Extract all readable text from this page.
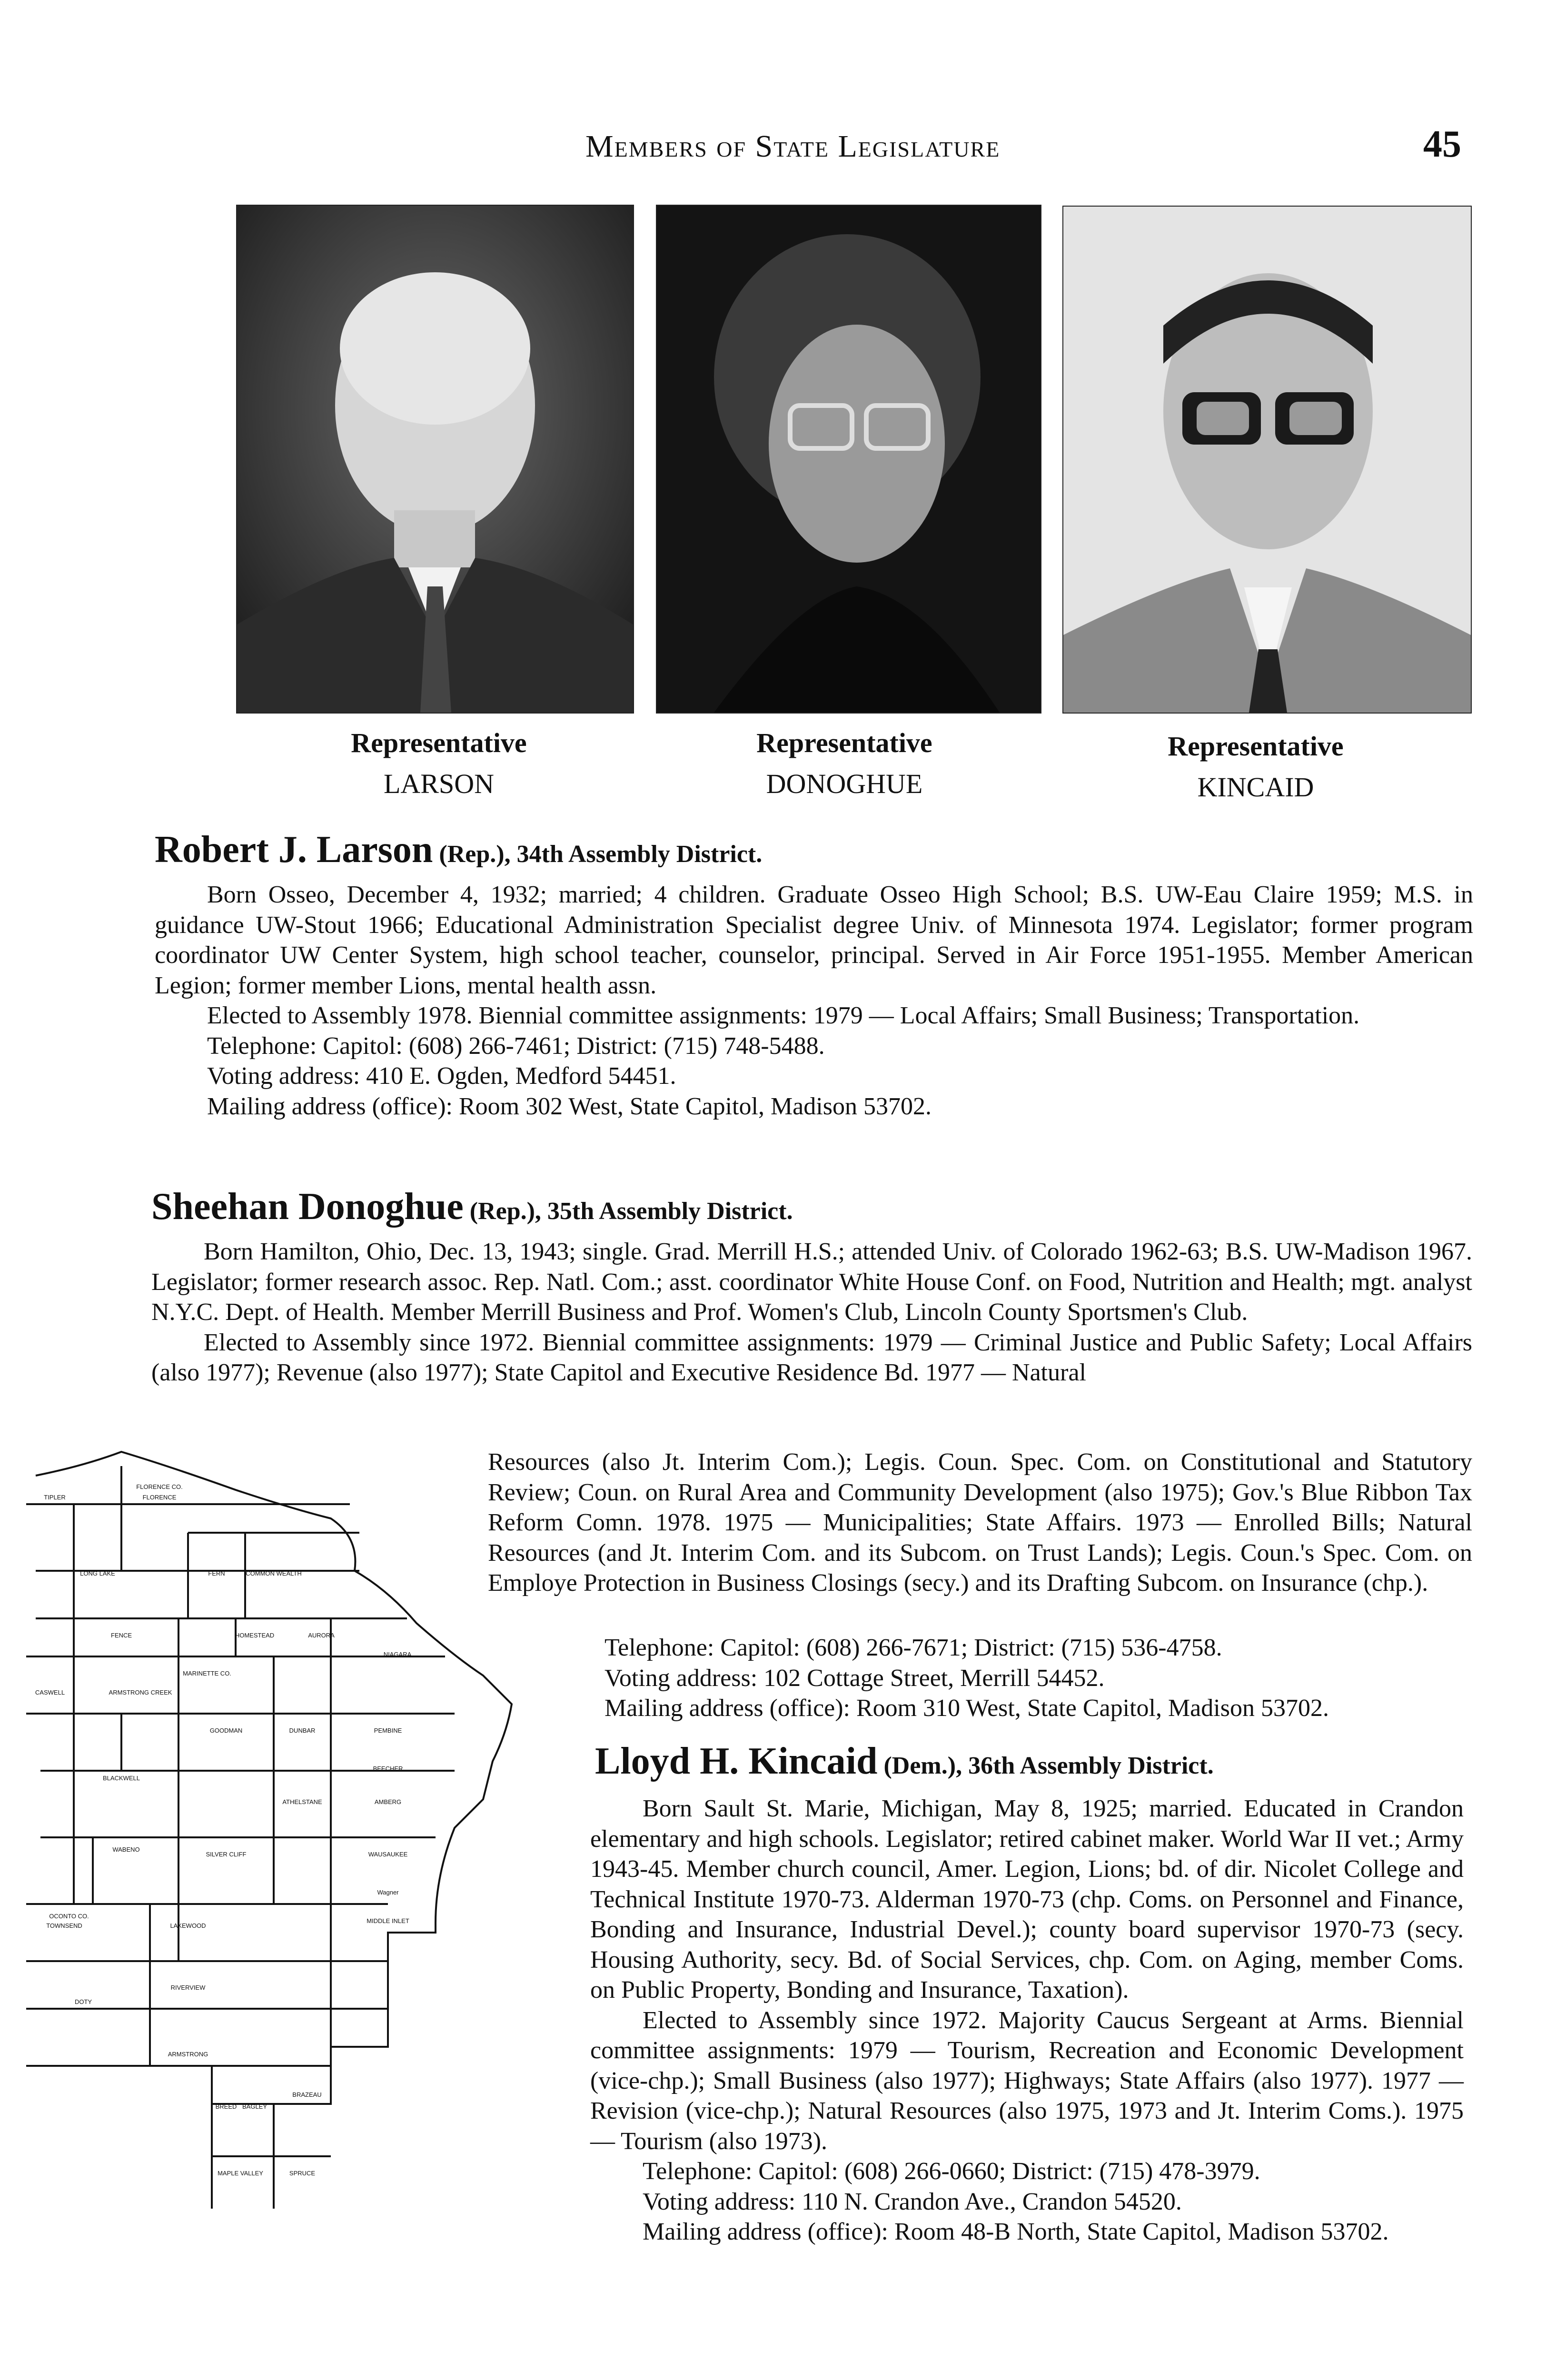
Members of State Legislature	45
Representative
LARSON
Representative
DONOGHUE
Representative
KINCAID
Robert J. Larson (Rep.), 34th Assembly District.

Born Osseo, December 4, 1932; married; 4 children. Graduate Osseo High School; B.S. UW-Eau Claire 1959; M.S. in guidance UW-Stout 1966; Educational Administration Specialist degree Univ. of Minnesota 1974. Legislator; former program coordinator UW Center System, high school teacher, counselor, principal. Served in Air Force 1951-1955. Member American Legion; former member Lions, mental health assn.

Elected to Assembly 1978. Biennial committee assignments: 1979 — Local Affairs; Small Business; Transportation.

Telephone: Capitol: (608) 266-7461; District: (715) 748-5488.

Voting address: 410 E. Ogden, Medford 54451.

Mailing address (office): Room 302 West, State Capitol, Madison 53702.

Sheehan Donoghue (Rep.), 35th Assembly District.

Born Hamilton, Ohio, Dec. 13, 1943; single. Grad. Merrill H.S.; attended Univ. of Colorado 1962-63; B.S. UW-Madison 1967. Legislator; former research assoc. Rep. Natl. Com.; asst. coordinator White House Conf. on Food, Nutrition and Health; mgt. analyst N.Y.C. Dept. of Health. Member Merrill Business and Prof. Women's Club, Lincoln County Sportsmen's Club.

Elected to Assembly since 1972. Biennial committee assignments: 1979 — Criminal Justice and Public Safety; Local Affairs (also 1977); Revenue (also 1977); State Capitol and Executive Residence Bd. 1977 — Natural

Resources (also Jt. Interim Com.); Legis. Coun. Spec. Com. on Constitutional and Statutory Review; Coun. on Rural Area and Community Development (also 1975); Gov.'s Blue Ribbon Tax Reform Comn. 1978. 1975 — Municipalities; State Affairs. 1973 — Enrolled Bills; Natural Resources (and Jt. Interim Com. and its Subcom. on Trust Lands); Legis. Coun.'s Spec. Com. on Employe Protection in Business Closings (secy.) and its Drafting Subcom. on Insurance (chp.).

Telephone: Capitol: (608) 266-7671; District: (715) 536-4758.

Voting address: 102 Cottage Street, Merrill 54452.

Mailing address (office): Room 310 West, State Capitol, Madison 53702.

Lloyd H. Kincaid (Dem.), 36th Assembly District.

Born Sault St. Marie, Michigan, May 8, 1925; married. Educated in Crandon elementary and high schools. Legislator; retired cabinet maker. World War II vet.; Army 1943-45. Member church council, Amer. Legion, Lions; bd. of dir. Nicolet College and Technical Institute 1970-73. Alderman 1970-73 (chp. Coms. on Personnel and Finance, Bonding and Insurance, Industrial Devel.); county board supervisor 1970-73 (secy. Housing Authority, secy. Bd. of Social Services, chp. Com. on Aging, member Coms. on Public Property, Bonding and Insurance, Taxation).

Elected to Assembly since 1972. Majority Caucus Sergeant at Arms. Biennial committee assignments: 1979 — Tourism, Recreation and Economic Development (vice-chp.); Small Business (also 1977); Highways; State Affairs (also 1977). 1977 — Revision (vice-chp.); Natural Resources (also 1975, 1973 and Jt. Interim Coms.). 1975 — Tourism (also 1973).

Telephone: Capitol: (608) 266-0660; District: (715) 478-3979.

Voting address: 110 N. Crandon Ave., Crandon 54520.

Mailing address (office): Room 48-B North, State Capitol, Madison 53702.

FLORENCE CO.
FLORENCE
TIPLER
LONG LAKE	FERN	COMMON WEALTH
FENCE	HOMESTEAD	AURORA
NIAGARA
MARINETTE CO.
ARMSTRONG CREEK
CASWELL
GOODMAN	DUNBAR	PEMBINE
BLACKWELL
BEECHER
ATHELSTANE	AMBERG
WABENO
SILVER CLIFF	WAUSAUKEE
Wagner
OCONTO CO.
TOWNSEND	LAKEWOOD
MIDDLE INLET
RIVERVIEW
DOTY
ARMSTRONG
BREED BAGLEY
BRAZEAU
MAPLE VALLEY	SPRUCE
